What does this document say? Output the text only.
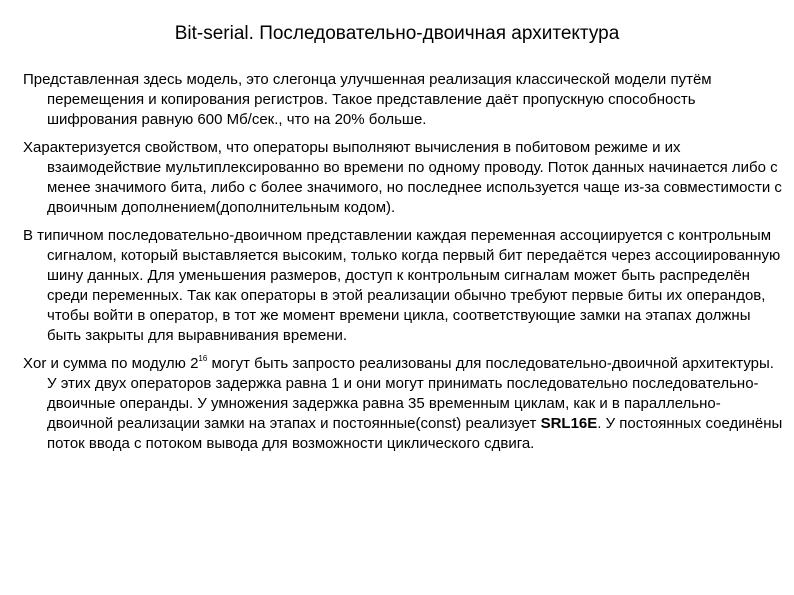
Bit-serial. Последовательно-двоичная архитектура

Представленная здесь модель, это слегонца улучшенная реализация классической модели путём перемещения и копирования регистров. Такое представление даёт пропускную способность шифрования равную 600 Мб/сек., что на 20% больше.

Характеризуется свойством, что операторы выполняют вычисления в побитовом режиме и их взаимодействие мультиплексированно во времени по одному проводу. Поток данных начинается либо с менее значимого бита, либо с более значимого, но последнее используется чаще из-за совместимости с двоичным дополнением(дополнительным кодом).

В типичном последовательно-двоичном представлении каждая переменная ассоциируется с контрольным сигналом, который выставляется высоким, только когда первый бит передаётся через ассоциированную шину данных. Для уменьшения размеров, доступ к контрольным сигналам может быть распределён среди переменных. Так как операторы в этой реализации обычно требуют первые биты их операндов, чтобы войти в оператор, в тот же момент времени цикла, соответствующие замки на этапах должны быть закрыты для выравнивания времени.

Xor и сумма по модулю $2^{16}$ могут быть запросто реализованы для последовательно-двоичной архитектуры. У этих двух операторов задержка равна 1 и они могут принимать последовательно последовательно-двоичные операнды. У умножения задержка равна 35 временным циклам, как и в параллельно-двоичной реализации замки на этапах и постоянные(const) реализует SRL16E. У постоянных соединёны поток ввода с потоком вывода для возможности циклического сдвига.
